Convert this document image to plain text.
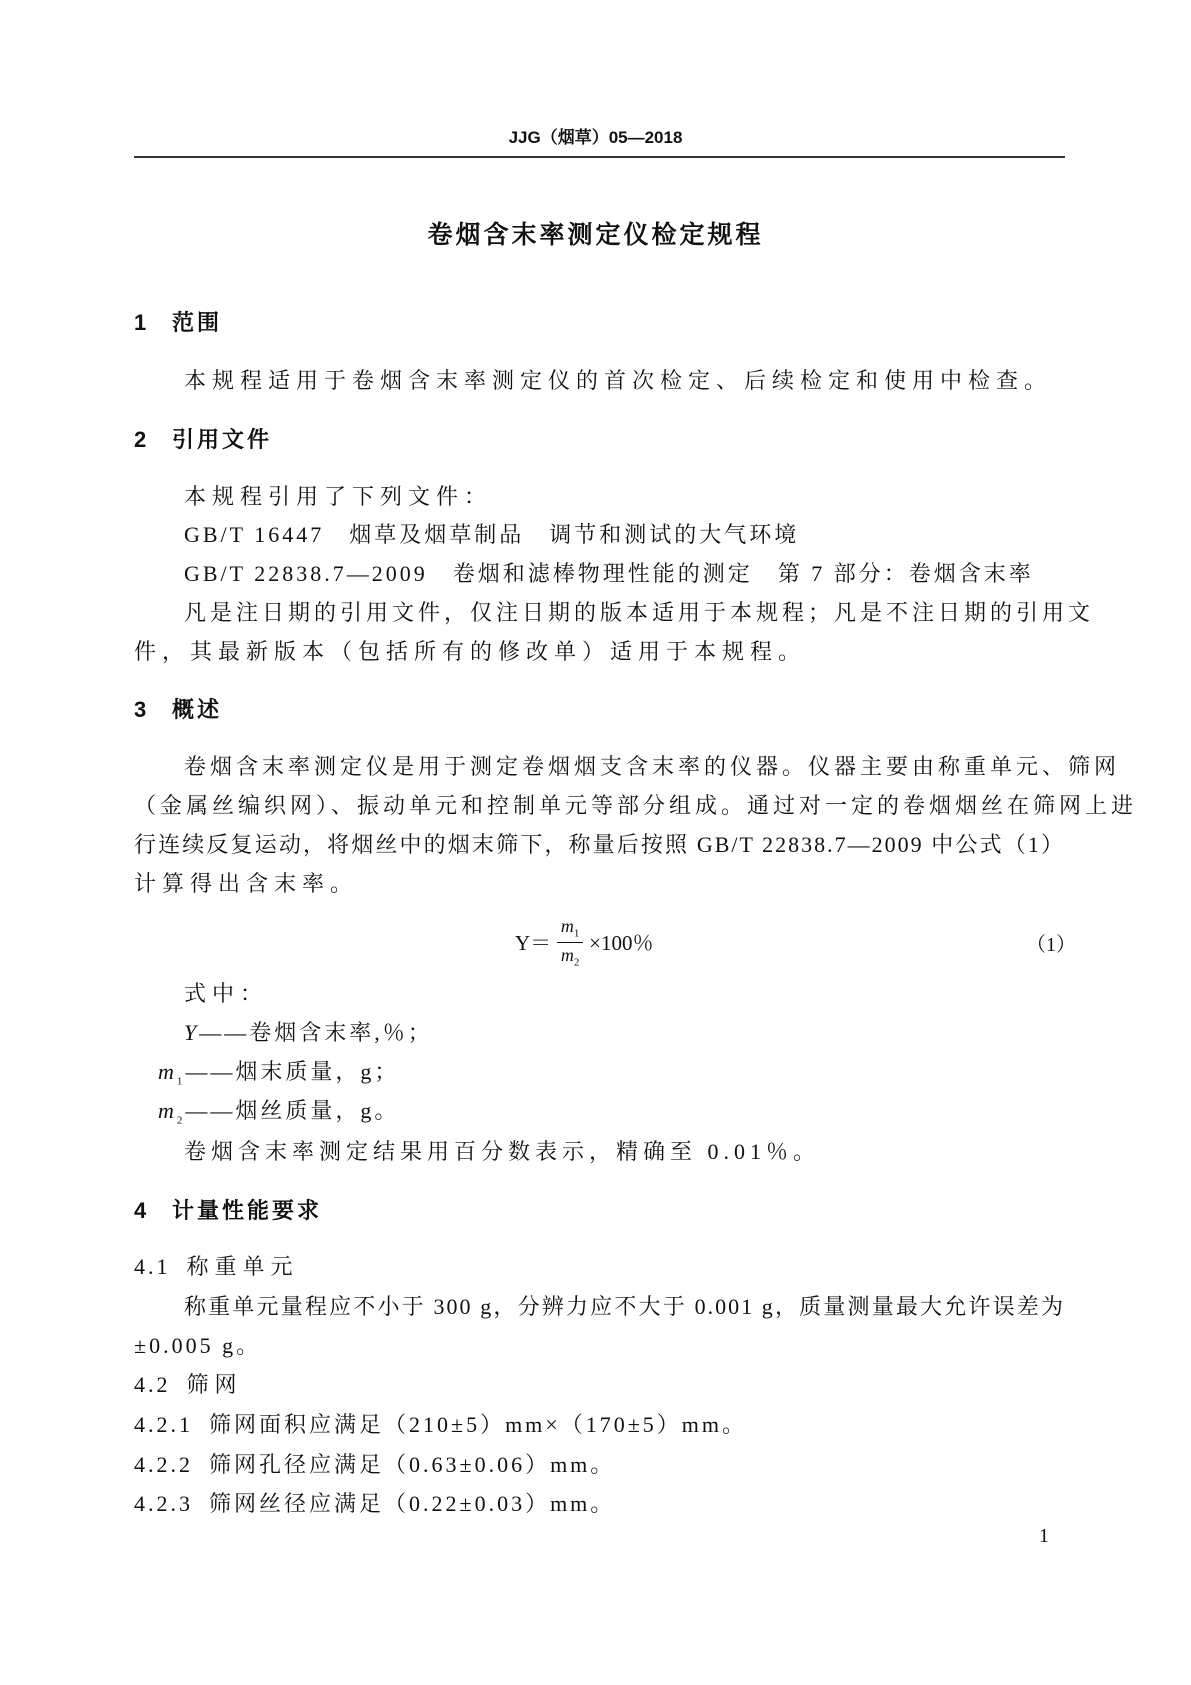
JJG（烟草）05—2018
卷烟含末率测定仪检定规程
1 范围
本规程适用于卷烟含末率测定仪的首次检定、后续检定和使用中检查。
2 引用文件
本规程引用了下列文件：
GB/T 16447　烟草及烟草制品　调节和测试的大气环境
GB/T 22838.7—2009　卷烟和滤棒物理性能的测定　第 7 部分：卷烟含末率
凡是注日期的引用文件，仅注日期的版本适用于本规程；凡是不注日期的引用文
件，其最新版本（包括所有的修改单）适用于本规程。
3 概述
卷烟含末率测定仪是用于测定卷烟烟支含末率的仪器。仪器主要由称重单元、筛网
（金属丝编织网）、振动单元和控制单元等部分组成。通过对一定的卷烟烟丝在筛网上进
行连续反复运动，将烟丝中的烟末筛下，称量后按照 GB/T 22838.7—2009 中公式（1）
计算得出含末率。
$Y= \frac{m_1}{m_2} \times 100$％	（1）
式中：
Y——卷烟含末率,％；
$m_1——$烟末质量，g；
$m_2——$烟丝质量，g。
卷烟含末率测定结果用百分数表示，精确至 0.01％。
4 计量性能要求
4.1 称重单元
称重单元量程应不小于 300 g，分辨力应不大于 0.001 g，质量测量最大允许误差为
±0.005 g。
4.2 筛网
4.2.1 筛网面积应满足（210±5）mm×（170±5）mm。
4.2.2 筛网孔径应满足（0.63±0.06）mm。
4.2.3 筛网丝径应满足（0.22±0.03）mm。
1
